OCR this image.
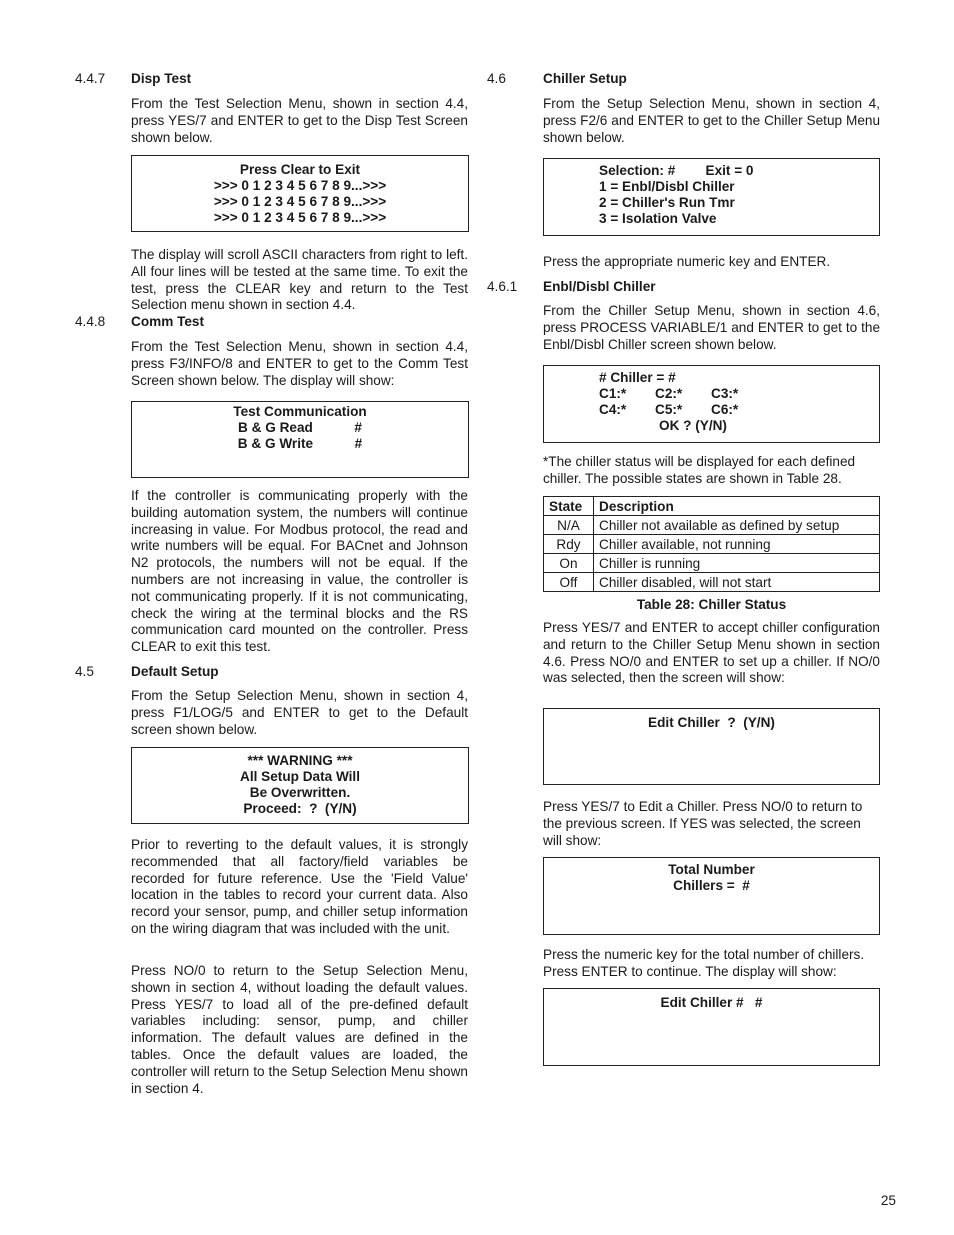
4.4.7 Disp Test
From the Test Selection Menu, shown in section 4.4, press YES/7 and ENTER to get to the Disp Test Screen shown below.
Press Clear to Exit
>>> 0 1 2 3 4 5 6 7 8 9...>>>
>>> 0 1 2 3 4 5 6 7 8 9...>>>
>>> 0 1 2 3 4 5 6 7 8 9...>>>
The display will scroll ASCII characters from right to left. All four lines will be tested at the same time. To exit the test, press the CLEAR key and return to the Test Selection menu shown in section 4.4.
4.4.8 Comm Test
From the Test Selection Menu, shown in section 4.4, press F3/INFO/8 and ENTER to get to the Comm Test Screen shown below. The display will show:
Test Communication
B & G Read           #
B & G Write           #
If the controller is communicating properly with the building automation system, the numbers will continue increasing in value. For Modbus protocol, the read and write numbers will be equal. For BACnet and Johnson N2 protocols, the numbers will not be equal. If the numbers are not increasing in value, the controller is not communicating properly. If it is not communicating, check the wiring at the terminal blocks and the RS communication card mounted on the controller. Press CLEAR to exit this test.
4.5	Default Setup
From the Setup Selection Menu, shown in section 4, press F1/LOG/5 and ENTER to get to the Default screen shown below.
*** WARNING ***
All Setup Data Will
Be Overwritten.
Proceed:  ?  (Y/N)
Prior to reverting to the default values, it is strongly recommended that all factory/field variables be recorded for future reference. Use the 'Field Value' location in the tables to record your current data. Also record your sensor, pump, and chiller setup information on the wiring diagram that was included with the unit.
Press NO/0 to return to the Setup Selection Menu, shown in section 4, without loading the default values. Press YES/7 to load all of the pre-defined default variables including: sensor, pump, and chiller information. The default values are defined in the tables. Once the default values are loaded, the controller will return to the Setup Selection Menu shown in section 4.
4.6	Chiller Setup
From the Setup Selection Menu, shown in section 4, press F2/6 and ENTER to get to the Chiller Setup Menu shown below.
Selection: #        Exit = 0
1 = Enbl/Disbl Chiller
2 = Chiller's Run Tmr
3 = Isolation Valve
Press the appropriate numeric key and ENTER.
4.6.1 Enbl/Disbl Chiller
From the Chiller Setup Menu, shown in section 4.6, press PROCESS VARIABLE/1 and ENTER to get to the Enbl/Disbl Chiller screen shown below.
# Chiller = #
C1:*	C2:*	C3:*
C4:*	C5:*	C6:*
OK ? (Y/N)
*The chiller status will be displayed for each defined chiller. The possible states are shown in Table 28.
State	Description
N/A	Chiller not available as defined by setup
Rdy	Chiller available, not running
On	Chiller is running
Off	Chiller disabled, will not start
Table 28: Chiller Status
Press YES/7 and ENTER to accept chiller configuration and return to the Chiller Setup Menu shown in section 4.6. Press NO/0 and ENTER to set up a chiller. If NO/0 was selected, then the screen will show:
Edit Chiller  ?  (Y/N)
Press YES/7 to Edit a Chiller. Press NO/0 to return to the previous screen. If YES was selected, the screen will show:
Total Number
Chillers =  #
Press the numeric key for the total number of chillers. Press ENTER to continue. The display will show:
Edit Chiller #   #
25
